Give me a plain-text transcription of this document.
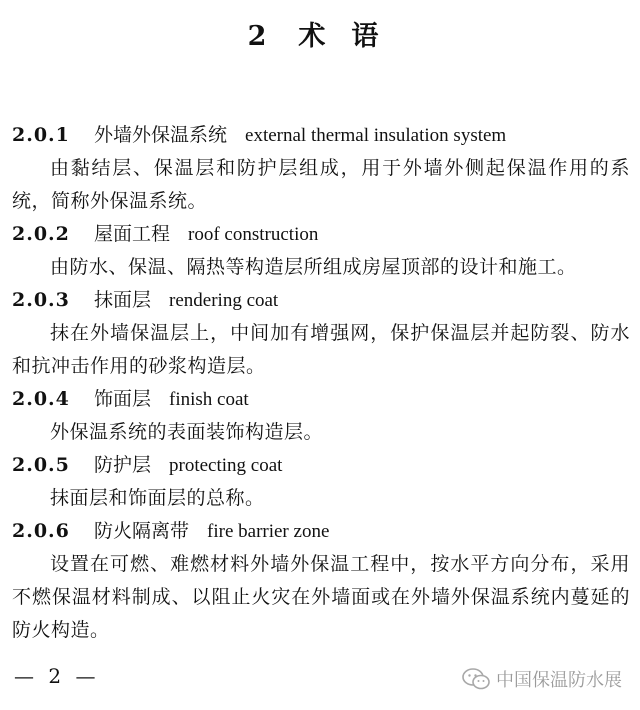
2 术 语
2.0.1 外墙外保温系统 external thermal insulation system

由黏结层、保温层和防护层组成，用于外墙外侧起保温作用的系统，简称外保温系统。

2.0.2 屋面工程 roof construction

由防水、保温、隔热等构造层所组成房屋顶部的设计和施工。

2.0.3 抹面层 rendering coat

抹在外墙保温层上，中间加有增强网，保护保温层并起防裂、防水和抗冲击作用的砂浆构造层。

2.0.4 饰面层 finish coat

外保温系统的表面装饰构造层。

2.0.5 防护层 protecting coat

抹面层和饰面层的总称。

2.0.6 防火隔离带 fire barrier zone

设置在可燃、难燃材料外墙外保温工程中，按水平方向分布，采用不燃保温材料制成、以阻止火灾在外墙面或在外墙外保温系统内蔓延的防火构造。

— 2 —	中国保温防水展
